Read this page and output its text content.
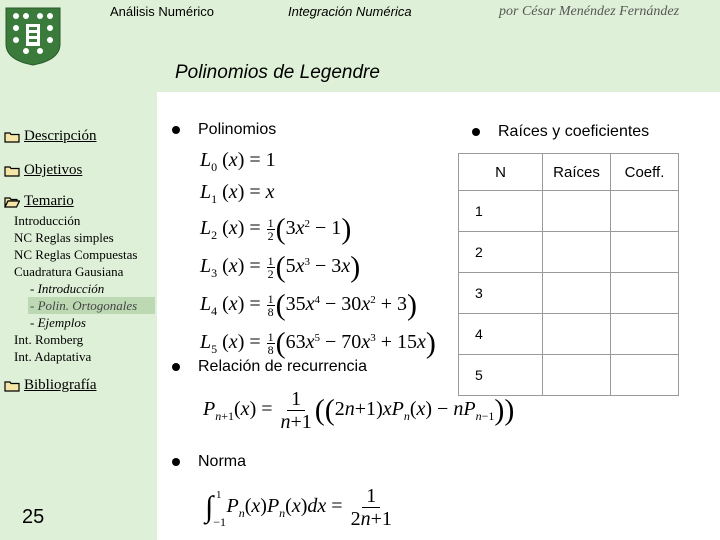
Análisis Numérico	Integración Numérica	por César Menéndez Fernández
Polinomios de Legendre
Descripción
Objetivos
Temario
Introducción
NC Reglas simples
NC Reglas Compuestas
Cuadratura Gausiana
- Introducción
- Polin. Ortogonales
- Ejemplos
Int. Romberg
Int. Adaptativa
Bibliografía
25
Polinomios
Relación de recurrencia
Norma
Raíces y coeficientes
$L_0$ (x) = 1
$L_1$ (x) = x
$L_2$ $(x) = \frac{1}{2} (3x^2 - 1)$
$L_3$ $(x) = \frac{1}{2} (5x^3 - 3x)$
$L_4$ $(x) = \frac{1}{8} (35x^4 - 30x^2 + 3)$
$L_5$ $(x) = \frac{1}{8} (63x^5 - 70x^3 + 15x)$
$P_{n+1}(x) = \frac{1}{n+1} ((2n+1)xP_n(x) - nP_{n-1})$)
$\int_{-1}^1$ $P_n(x)P_n(x)dx = \frac{1}{2n+1}$
N	Raíces	Coeff.
1		
2		
3		
4		
5		
